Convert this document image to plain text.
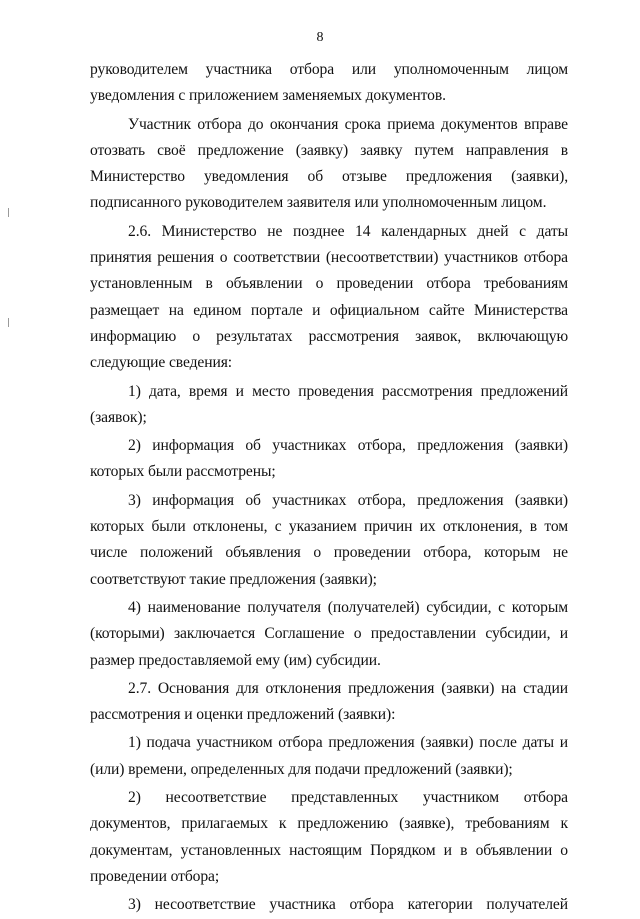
8

руководителем участника отбора или уполномоченным лицом уведомления с приложением заменяемых документов.

Участник отбора до окончания срока приема документов вправе отозвать своё предложение (заявку) заявку путем направления в Министерство уведомления об отзыве предложения (заявки), подписанного руководителем заявителя или уполномоченным лицом.

2.6. Министерство не позднее 14 календарных дней с даты принятия решения о соответствии (несоответствии) участников отбора установленным в объявлении о проведении отбора требованиям размещает на едином портале и официальном сайте Министерства информацию о результатах рассмотрения заявок, включающую следующие сведения:

1) дата, время и место проведения рассмотрения предложений (заявок);

2) информация об участниках отбора, предложения (заявки) которых были рассмотрены;

3) информация об участниках отбора, предложения (заявки) которых были отклонены, с указанием причин их отклонения, в том числе положений объявления о проведении отбора, которым не соответствуют такие предложения (заявки);

4) наименование получателя (получателей) субсидии, с которым (которыми) заключается Соглашение о предоставлении субсидии, и размер предоставляемой ему (им) субсидии.

2.7. Основания для отклонения предложения (заявки) на стадии рассмотрения и оценки предложений (заявки):

1) подача участником отбора предложения (заявки) после даты и (или) времени, определенных для подачи предложений (заявки);

2) несоответствие представленных участником отбора документов, прилагаемых к предложению (заявке), требованиям к документам, установленных настоящим Порядком и в объявлении о проведении отбора;

3) несоответствие участника отбора категории получателей
